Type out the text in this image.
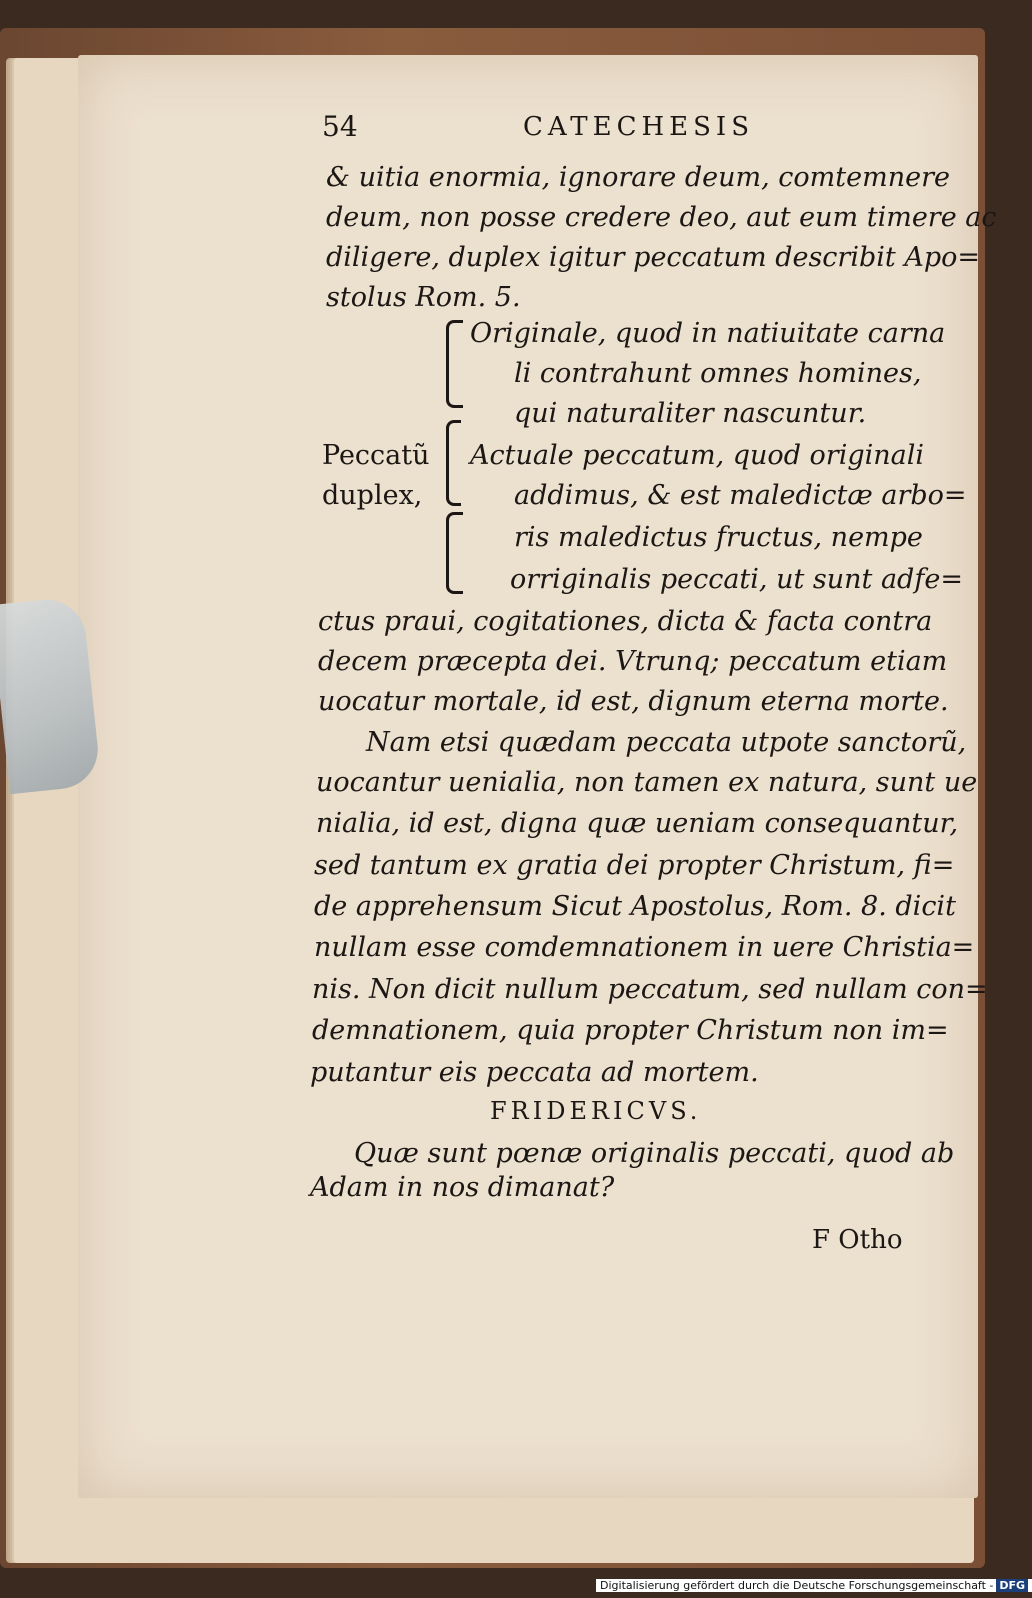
54	CATECHESIS
& uitia enormia, ignorare deum, comtemnere
deum, non posse credere deo, aut eum timere ac
diligere, duplex igitur peccatum describit Apo=
stolus Rom. 5.
Peccatũ
duplex,
Originale, quod in natiuitate carna
li contrahunt omnes homines,
qui naturaliter nascuntur.
Actuale peccatum, quod originali
addimus, & est maledictæ arbo=
ris maledictus fructus, nempe
orriginalis peccati, ut sunt adfe=
ctus praui, cogitationes, dicta & facta contra
decem præcepta dei. Vtrunq; peccatum etiam
uocatur mortale, id est, dignum eterna morte.
Nam etsi quædam peccata utpote sanctorũ,
uocantur uenialia, non tamen ex natura, sunt ue
nialia, id est, digna quæ ueniam consequantur,
sed tantum ex gratia dei propter Christum, fi=
de apprehensum Sicut Apostolus, Rom. 8. dicit
nullam esse comdemnationem in uere Christia=
nis. Non dicit nullum peccatum, sed nullam con=
demnationem, quia propter Christum non im=
putantur eis peccata ad mortem.
FRIDERICVS.
Quæ sunt pœnæ originalis peccati, quod ab
Adam in nos dimanat?
F Otho
Digitalisierung gefördert durch die Deutsche Forschungsgemeinschaft - DFG
